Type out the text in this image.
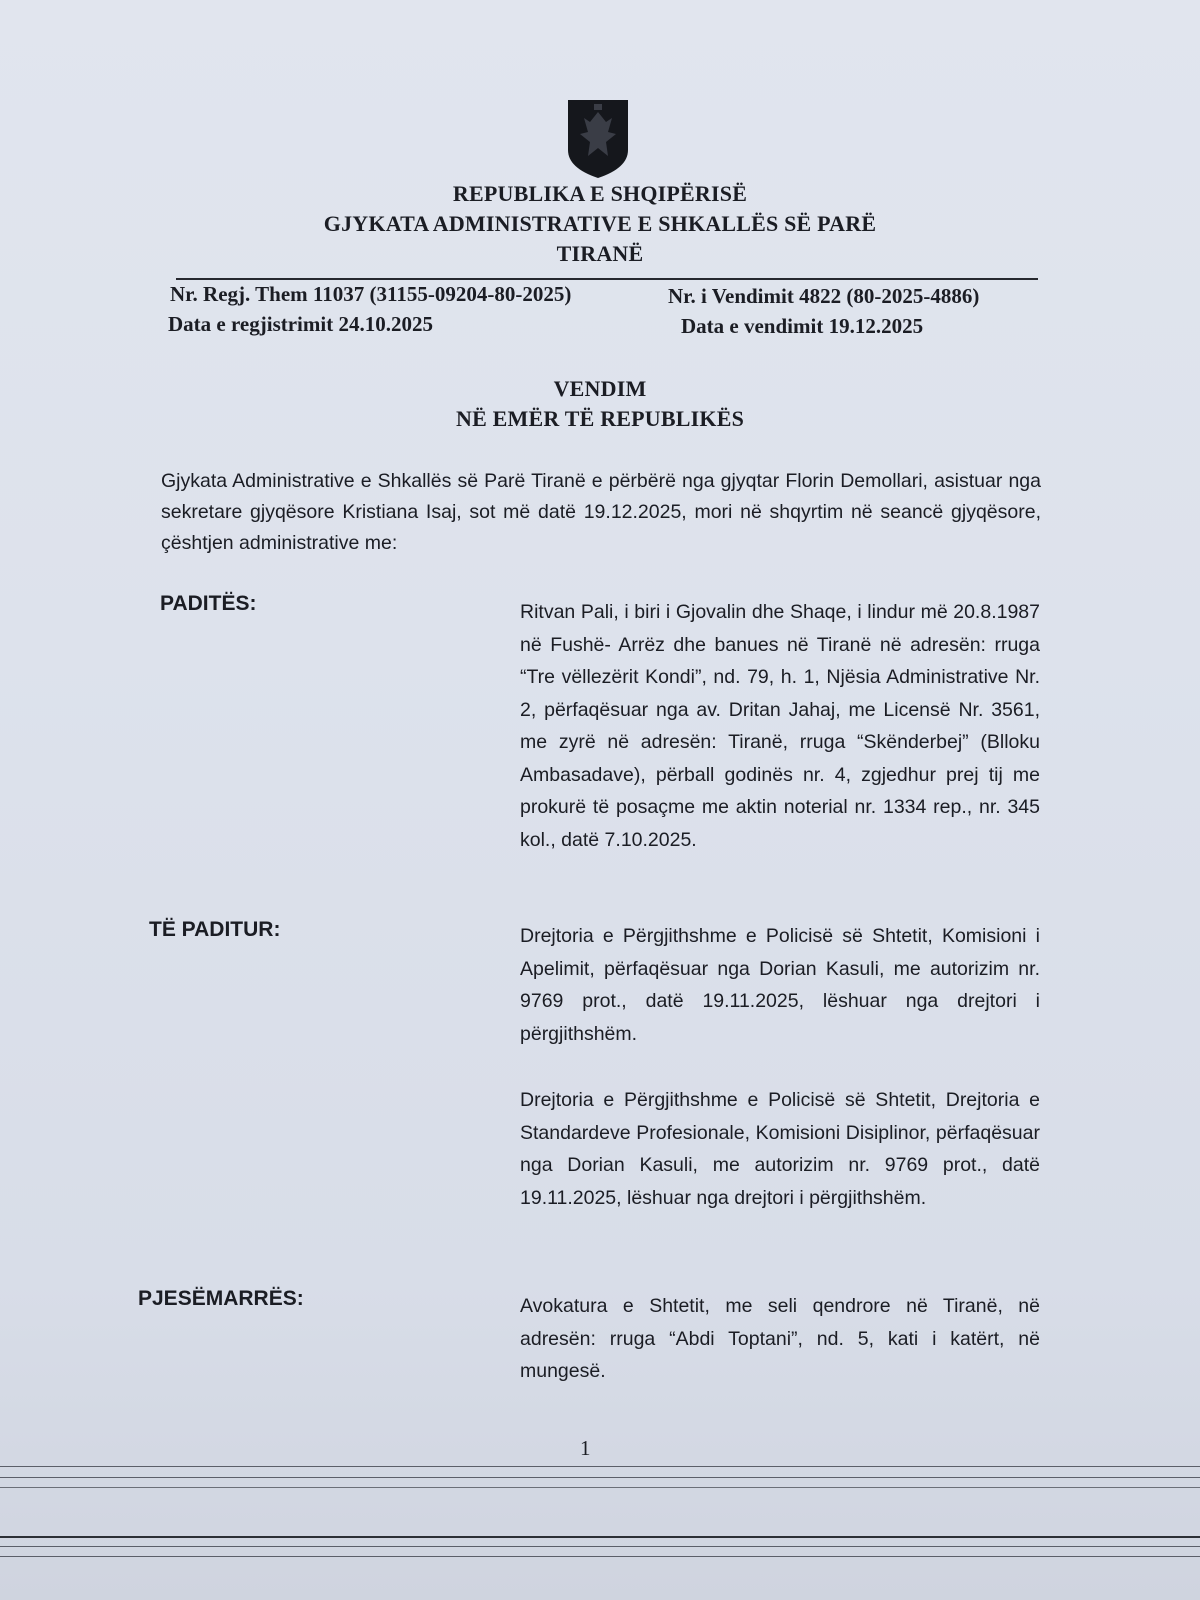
REPUBLIKA E SHQIPËRISË
GJYKATA ADMINISTRATIVE E SHKALLËS SË PARË
TIRANË
Nr. Regj. Them 11037 (31155-09204-80-2025)
Data e regjistrimit 24.10.2025
Nr. i Vendimit 4822 (80-2025-4886)
Data e vendimit 19.12.2025
VENDIM
NË EMËR TË REPUBLIKËS
Gjykata Administrative e Shkallës së Parë Tiranë e përbërë nga gjyqtar Florin Demollari, asistuar nga sekretare gjyqësore Kristiana Isaj, sot më datë 19.12.2025, mori në shqyrtim në seancë gjyqësore, çështjen administrative me:
PADITËS:	Ritvan Pali, i biri i Gjovalin dhe Shaqe, i lindur më 20.8.1987 në Fushë- Arrëz dhe banues në Tiranë në adresën: rruga “Tre vëllezërit Kondi”, nd. 79, h. 1, Njësia Administrative Nr. 2, përfaqësuar nga av. Dritan Jahaj, me Licensë Nr. 3561, me zyrë në adresën: Tiranë, rruga “Skënderbej” (Blloku Ambasadave), përball godinës nr. 4, zgjedhur prej tij me prokurë të posaçme me aktin noterial nr. 1334 rep., nr. 345 kol., datë 7.10.2025.
TË PADITUR:	Drejtoria e Përgjithshme e Policisë së Shtetit, Komisioni i Apelimit, përfaqësuar nga Dorian Kasuli, me autorizim nr. 9769 prot., datë 19.11.2025, lëshuar nga drejtori i përgjithshëm.
Drejtoria e Përgjithshme e Policisë së Shtetit, Drejtoria e Standardeve Profesionale, Komisioni Disiplinor, përfaqësuar nga Dorian Kasuli, me autorizim nr. 9769 prot., datë 19.11.2025, lëshuar nga drejtori i përgjithshëm.
PJESËMARRËS:	Avokatura e Shtetit, me seli qendrore në Tiranë, në adresën: rruga “Abdi Toptani”, nd. 5, kati i katërt, në mungesë.
1
